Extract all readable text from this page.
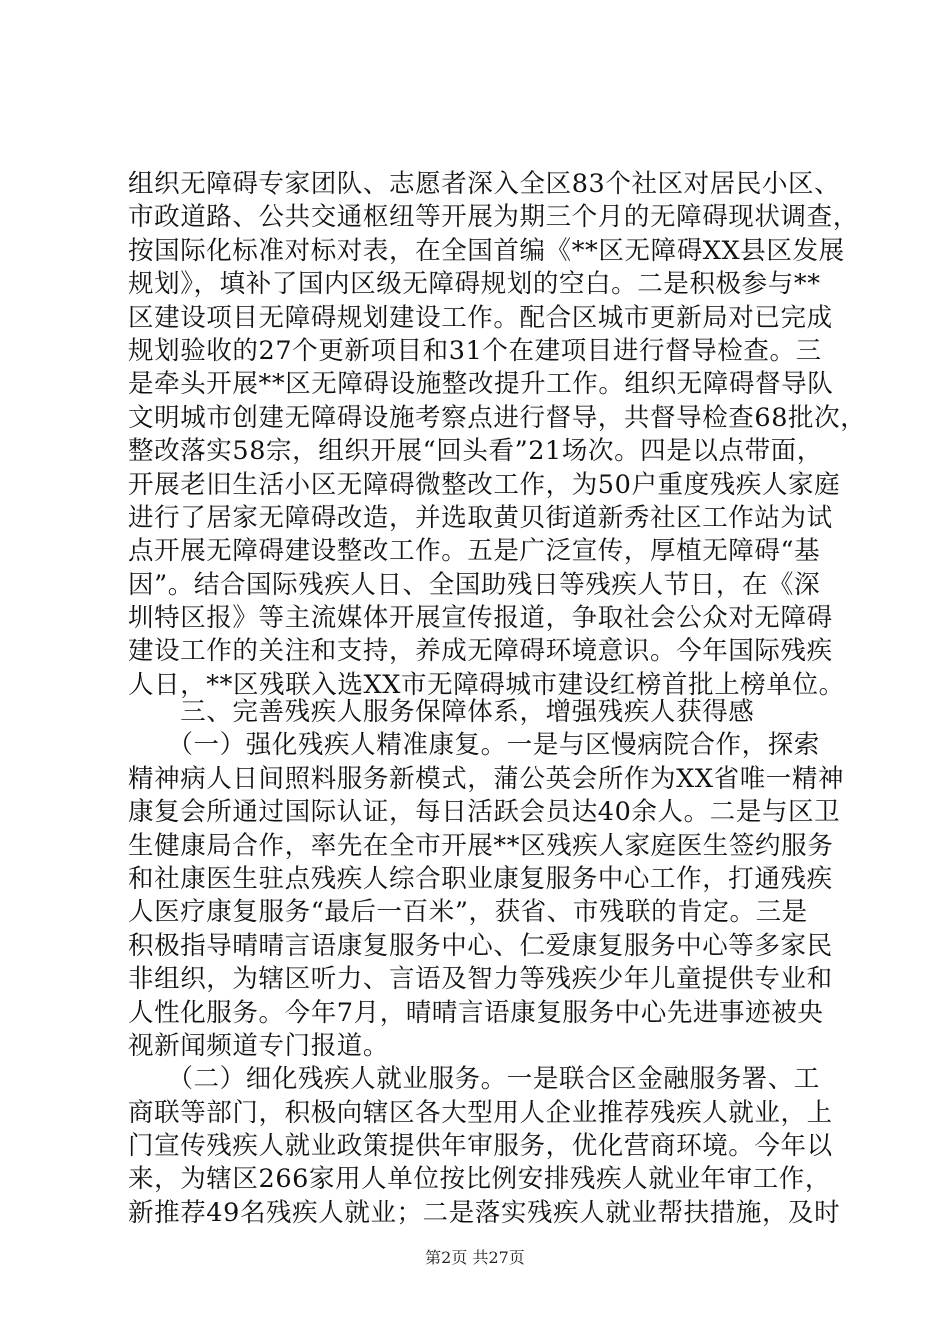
组织无障碍专家团队、志愿者深入全区83个社区对居民小区、
市政道路、公共交通枢纽等开展为期三个月的无障碍现状调查，
按国际化标准对标对表，在全国首编《**区无障碍XX县区发展
规划》，填补了国内区级无障碍规划的空白。二是积极参与**
区建设项目无障碍规划建设工作。配合区城市更新局对已完成
规划验收的27个更新项目和31个在建项目进行督导检查。三
是牵头开展**区无障碍设施整改提升工作。组织无障碍督导队
文明城市创建无障碍设施考察点进行督导，共督导检查68批次，
整改落实58宗，组织开展“回头看”21场次。四是以点带面，
开展老旧生活小区无障碍微整改工作，为50户重度残疾人家庭
进行了居家无障碍改造，并选取黄贝街道新秀社区工作站为试
点开展无障碍建设整改工作。五是广泛宣传，厚植无障碍“基
因”。结合国际残疾人日、全国助残日等残疾人节日，在《深
圳特区报》等主流媒体开展宣传报道，争取社会公众对无障碍
建设工作的关注和支持，养成无障碍环境意识。今年国际残疾
人日，**区残联入选XX市无障碍城市建设红榜首批上榜单位。
　　三、完善残疾人服务保障体系，增强残疾人获得感
　　（一）强化残疾人精准康复。一是与区慢病院合作，探索
精神病人日间照料服务新模式，蒲公英会所作为XX省唯一精神
康复会所通过国际认证，每日活跃会员达40余人。二是与区卫
生健康局合作，率先在全市开展**区残疾人家庭医生签约服务
和社康医生驻点残疾人综合职业康复服务中心工作，打通残疾
人医疗康复服务“最后一百米”，获省、市残联的肯定。三是
积极指导晴晴言语康复服务中心、仁爱康复服务中心等多家民
非组织，为辖区听力、言语及智力等残疾少年儿童提供专业和
人性化服务。今年7月，晴晴言语康复服务中心先进事迹被央
视新闻频道专门报道。
　　（二）细化残疾人就业服务。一是联合区金融服务署、工
商联等部门，积极向辖区各大型用人企业推荐残疾人就业，上
门宣传残疾人就业政策提供年审服务，优化营商环境。今年以
来，为辖区266家用人单位按比例安排残疾人就业年审工作，
新推荐49名残疾人就业；二是落实残疾人就业帮扶措施，及时
第2页 共27页
